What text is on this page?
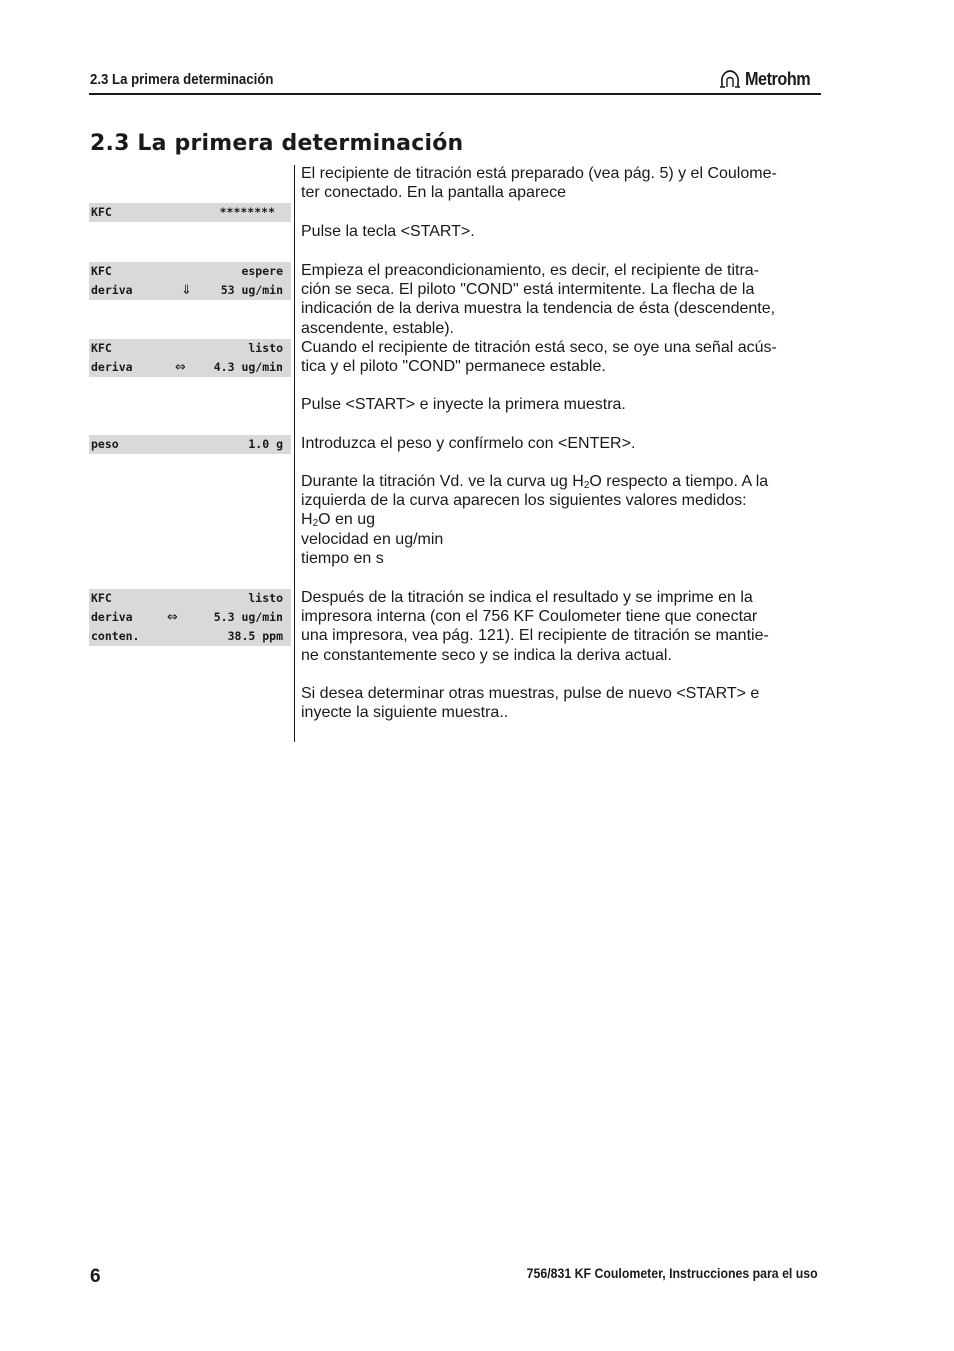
2.3 La primera determinación	Metrohm
2.3 La primera determinación
KFC	********
KFC	espere
deriva	⇓	53 ug/min
KFC	listo
deriva	⇔ 4.3 ug/min
peso	1.0 g
KFC	listo
deriva	⇔	5.3 ug/min
conten.	38.5 ppm
El recipiente de titración está preparado (vea pág. 5) y el Coulome-
ter conectado. En la pantalla aparece
Pulse la tecla <START>.
Empieza el preacondicionamiento, es decir, el recipiente de titra-
ción se seca. El piloto "COND" está intermitente. La flecha de la
indicación de la deriva muestra la tendencia de ésta (descendente,
ascendente, estable).
Cuando el recipiente de titración está seco, se oye una señal acús-
tica y el piloto "COND" permanece estable.
Pulse <START> e inyecte la primera muestra.
Introduzca el peso y confírmelo con <ENTER>.
Durante la titración Vd. ve la curva ug $H_2O$ respecto a tiempo. A la
izquierda de la curva aparecen los siguientes valores medidos:
$H_2O$ en ug
velocidad en ug/min
tiempo en s
Después de la titración se indica el resultado y se imprime en la
impresora interna (con el 756 KF Coulometer tiene que conectar
una impresora, vea pág. 121). El recipiente de titración se mantie-
ne constantemente seco y se indica la deriva actual.
Si desea determinar otras muestras, pulse de nuevo <START> e
inyecte la siguiente muestra..
6	756/831 KF Coulometer, Instrucciones para el uso
